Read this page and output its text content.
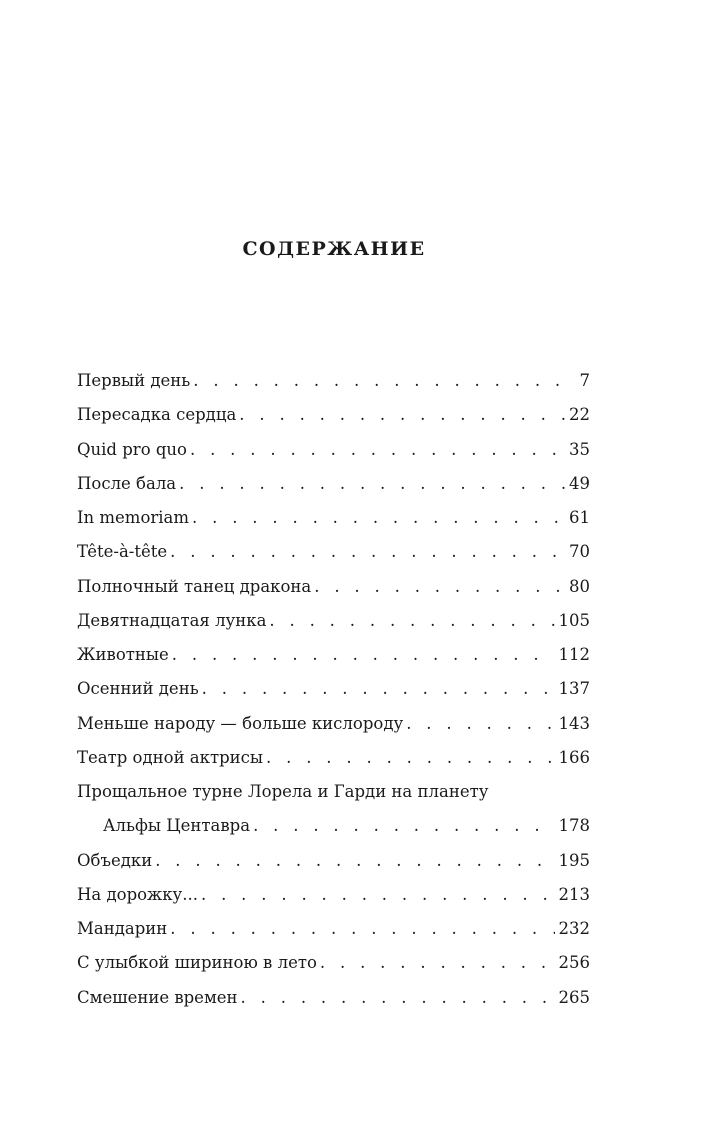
СОДЕРЖАНИЕ
Первый день . . .	7
Пересадка сердца . . .	22
Quid pro quo . . .	35
После бала . . .	49
In memoriam . . .	61
Tête-à-tête . . .	70
Полночный танец дракона . . .	80
Девятнадцатая лунка . . .	105
Животные . . .	112
Осенний день . . .	137
Меньше народу — больше кислороду . . .	143
Театр одной актрисы . . .	166
Прощальное турне Лорела и Гарди на планету
Альфы Центавра . . .	178
Объедки . . .	195
На дорожку... . . .	213
Мандарин . . .	232
С улыбкой шириною в лето . . .	256
Смешение времен . . .	265
